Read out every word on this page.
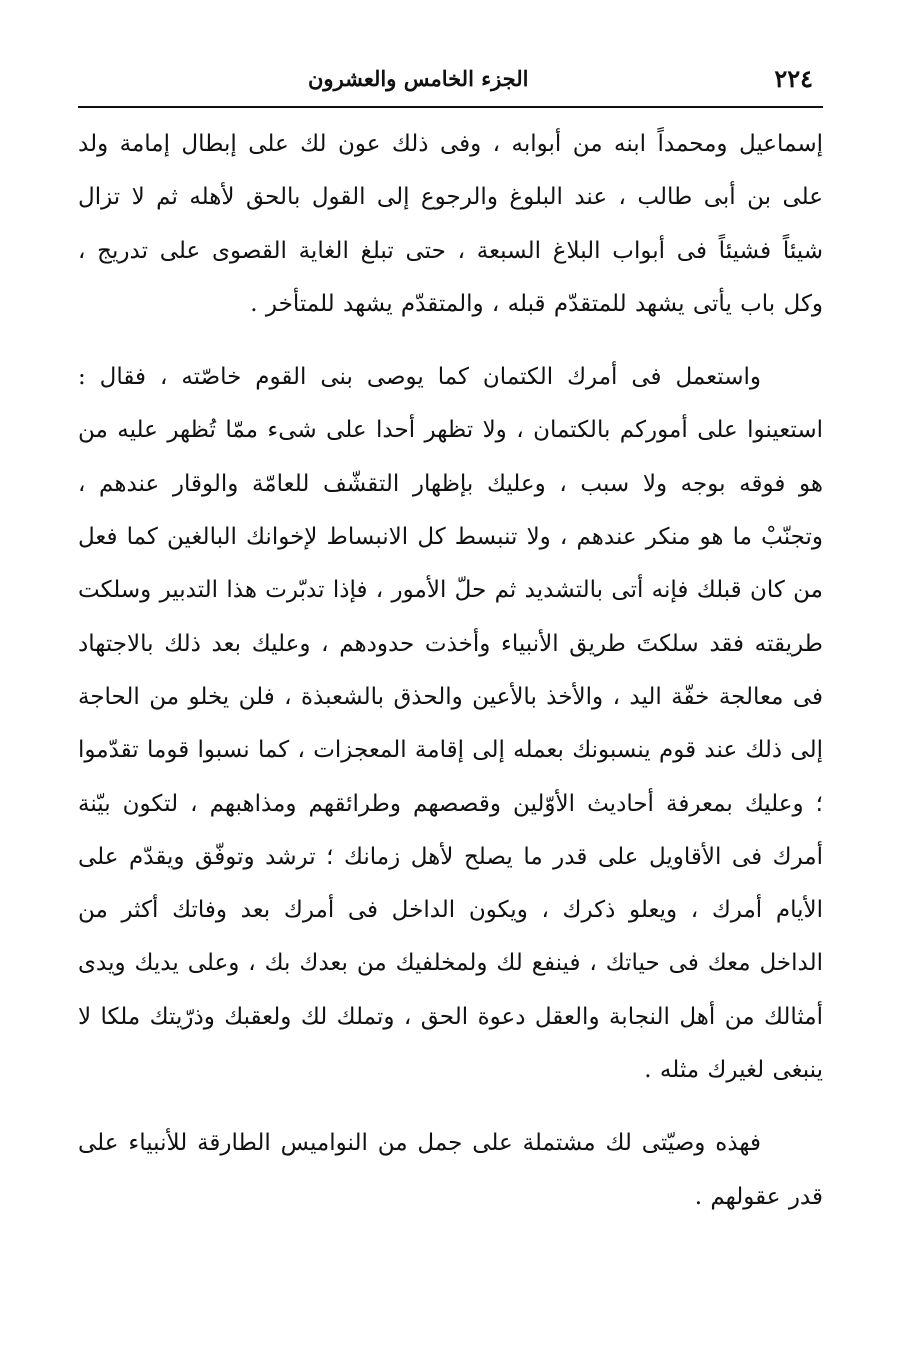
٢٢٤
الجزء الخامس والعشرون

إسماعيل ومحمداً ابنه من أبوابه ، وفى ذلك عون لك على إبطال إمامة ولد على بن أبى طالب ، عند البلوغ والرجوع إلى القول بالحق لأهله ثم لا تزال شيئاً فشيئاً فى أبواب البلاغ السبعة ، حتى تبلغ الغاية القصوى على تدريج ، وكل باب يأتى يشهد للمتقدّم قبله ، والمتقدّم يشهد للمتأخر .

واستعمل فى أمرك الكتمان كما يوصى بنى القوم خاصّته ، فقال : استعينوا على أموركم بالكتمان ، ولا تظهر أحدا على شىء ممّا تُظهر عليه من هو فوقه بوجه ولا سبب ، وعليك بإظهار التقشّف للعامّة والوقار عندهم ، وتجنّبْ ما هو منكر عندهم ، ولا تنبسط كل الانبساط لإخوانك البالغين كما فعل من كان قبلك فإنه أتى بالتشديد ثم حلّ الأمور ، فإذا تدبّرت هذا التدبير وسلكت طريقته فقد سلكتَ طريق الأنبياء وأخذت حدودهم ، وعليك بعد ذلك بالاجتهاد فى معالجة خفّة اليد ، والأخذ بالأعين والحذق بالشعبذة ، فلن يخلو من الحاجة إلى ذلك عند قوم ينسبونك بعمله إلى إقامة المعجزات ، كما نسبوا قوما تقدّموا ؛ وعليك بمعرفة أحاديث الأوّلين وقصصهم وطرائقهم ومذاهبهم ، لتكون بيّنة أمرك فى الأقاويل على قدر ما يصلح لأهل زمانك ؛ ترشد وتوفّق ويقدّم على الأيام أمرك ، ويعلو ذكرك ، ويكون الداخل فى أمرك بعد وفاتك أكثر من الداخل معك فى حياتك ، فينفع لك ولمخلفيك من بعدك بك ، وعلى يديك ويدى أمثالك من أهل النجابة والعقل دعوة الحق ، وتملك لك ولعقبك وذرّيتك ملكا لا ينبغى لغيرك مثله .

فهذه وصيّتى لك مشتملة على جمل من النواميس الطارقة للأنبياء على قدر عقولهم .
